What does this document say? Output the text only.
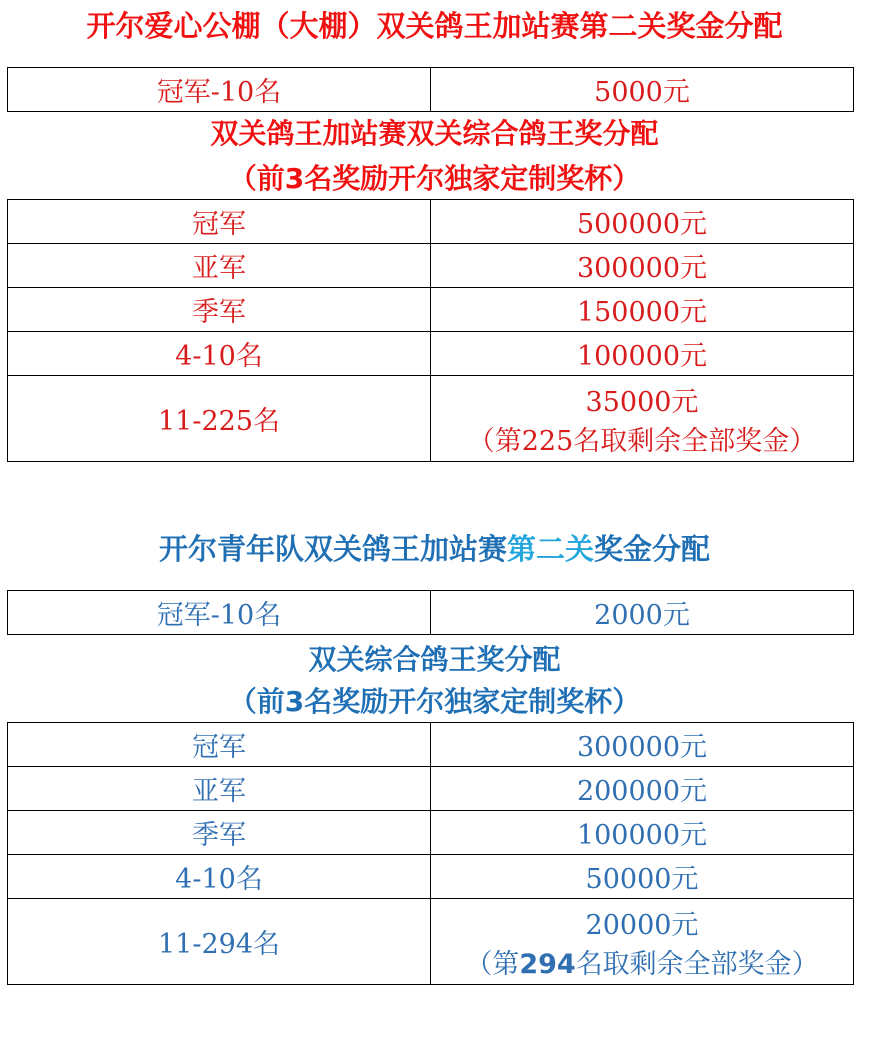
开尔爱心公棚（大棚）双关鸽王加站赛第二关奖金分配
冠军-10名	5000元
双关鸽王加站赛双关综合鸽王奖分配
（前3名奖励开尔独家定制奖杯）
冠军	500000元
亚军	300000元
季军	150000元
4-10名	100000元
11-225名	35000元
（第225名取剩余全部奖金）
开尔青年队双关鸽王加站赛第二关奖金分配
冠军-10名	2000元
双关综合鸽王奖分配
（前3名奖励开尔独家定制奖杯）
冠军	300000元
亚军	200000元
季军	100000元
4-10名	50000元
11-294名	20000元
（第294名取剩余全部奖金）
